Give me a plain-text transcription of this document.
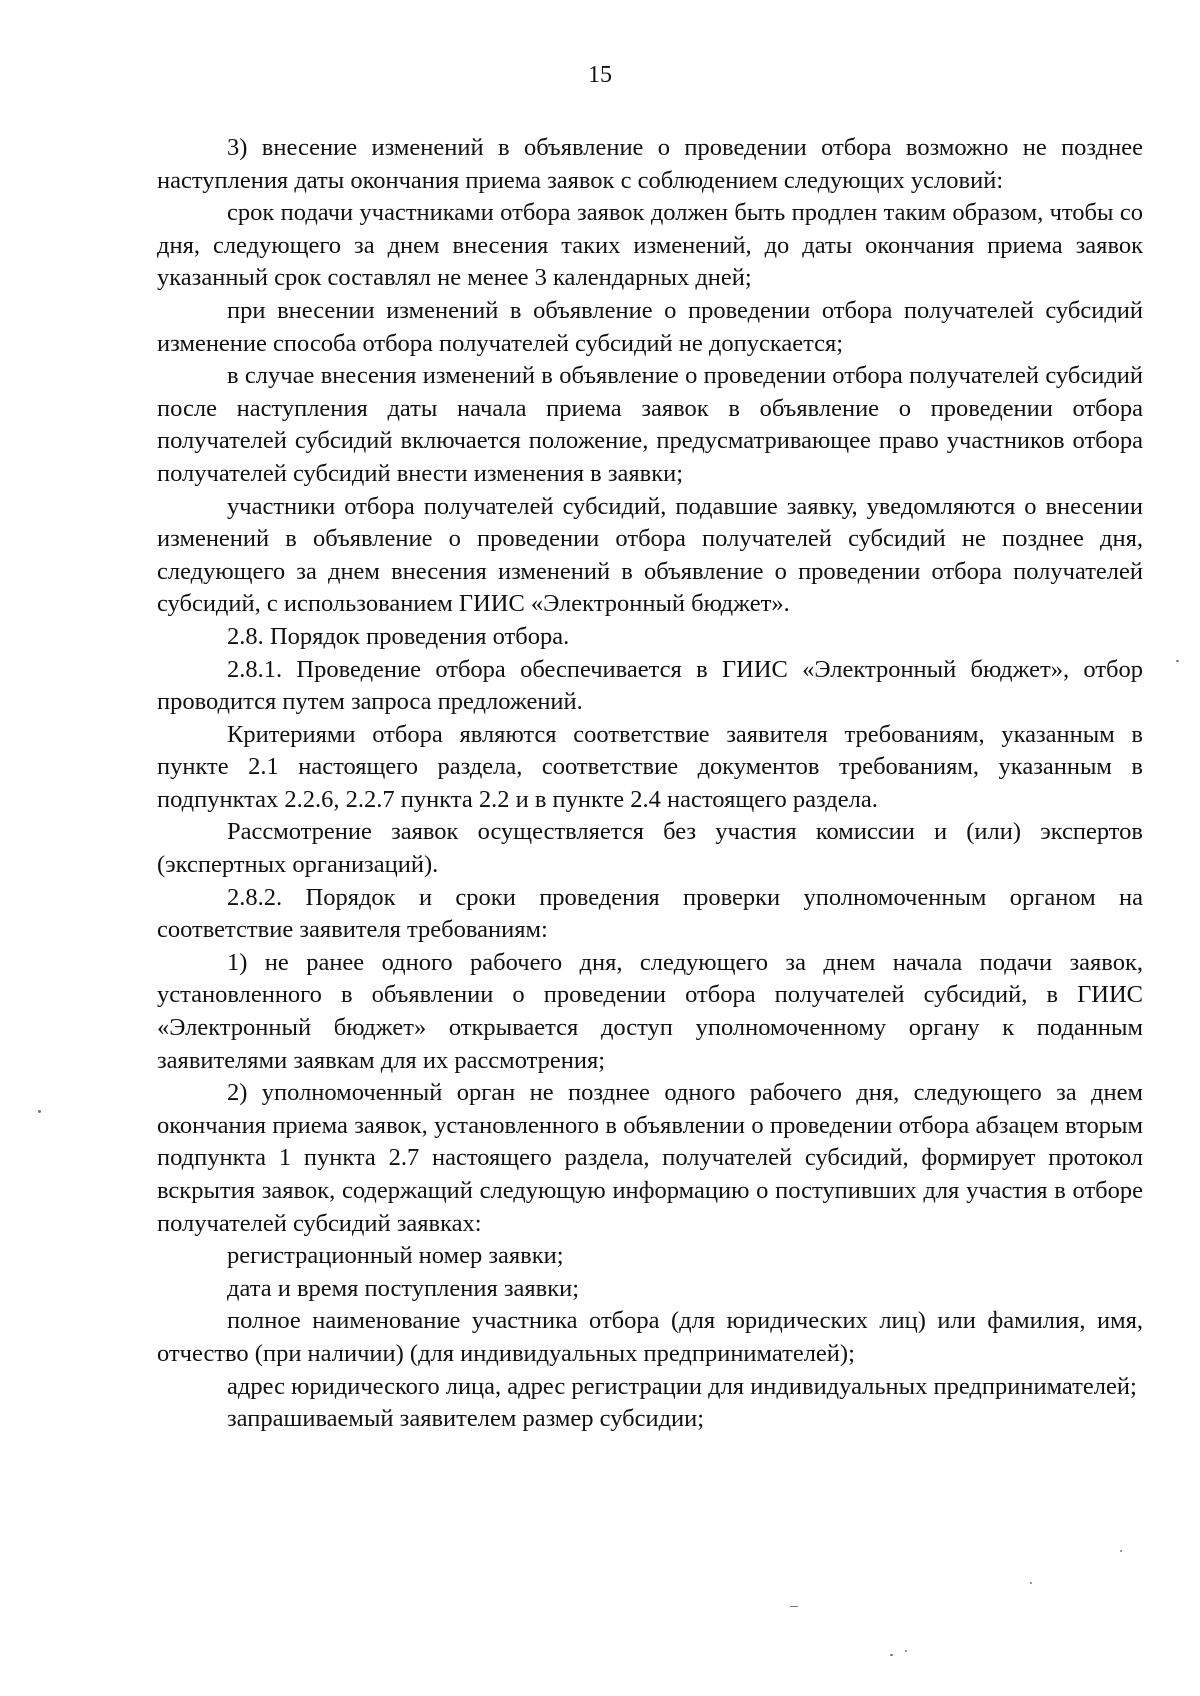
15

3) внесение изменений в объявление о проведении отбора возможно не позднее наступления даты окончания приема заявок с соблюдением следующих условий:

срок подачи участниками отбора заявок должен быть продлен таким образом, чтобы со дня, следующего за днем внесения таких изменений, до даты окончания приема заявок указанный срок составлял не менее 3 календарных дней;

при внесении изменений в объявление о проведении отбора получателей субсидий изменение способа отбора получателей субсидий не допускается;

в случае внесения изменений в объявление о проведении отбора получателей субсидий после наступления даты начала приема заявок в объявление о проведении отбора получателей субсидий включается положение, предусматривающее право участников отбора получателей субсидий внести изменения в заявки;

участники отбора получателей субсидий, подавшие заявку, уведомляются о внесении изменений в объявление о проведении отбора получателей субсидий не позднее дня, следующего за днем внесения изменений в объявление о проведении отбора получателей субсидий, с использованием ГИИС «Электронный бюджет».

2.8. Порядок проведения отбора.

2.8.1. Проведение отбора обеспечивается в ГИИС «Электронный бюджет», отбор проводится путем запроса предложений.

Критериями отбора являются соответствие заявителя требованиям, указанным в пункте 2.1 настоящего раздела, соответствие документов требованиям, указанным в подпунктах 2.2.6, 2.2.7 пункта 2.2 и в пункте 2.4 настоящего раздела.

Рассмотрение заявок осуществляется без участия комиссии и (или) экспертов (экспертных организаций).

2.8.2. Порядок и сроки проведения проверки уполномоченным органом на соответствие заявителя требованиям:

1) не ранее одного рабочего дня, следующего за днем начала подачи заявок, установленного в объявлении о проведении отбора получателей субсидий, в ГИИС «Электронный бюджет» открывается доступ уполномоченному органу к поданным заявителями заявкам для их рассмотрения;

2) уполномоченный орган не позднее одного рабочего дня, следующего за днем окончания приема заявок, установленного в объявлении о проведении отбора абзацем вторым подпункта 1 пункта 2.7 настоящего раздела, получателей субсидий, формирует протокол вскрытия заявок, содержащий следующую информацию о поступивших для участия в отборе получателей субсидий заявках:

регистрационный номер заявки;

дата и время поступления заявки;

полное наименование участника отбора (для юридических лиц) или фамилия, имя, отчество (при наличии) (для индивидуальных предпринимателей);

адрес юридического лица, адрес регистрации для индивидуальных предпринимателей;

запрашиваемый заявителем размер субсидии;
